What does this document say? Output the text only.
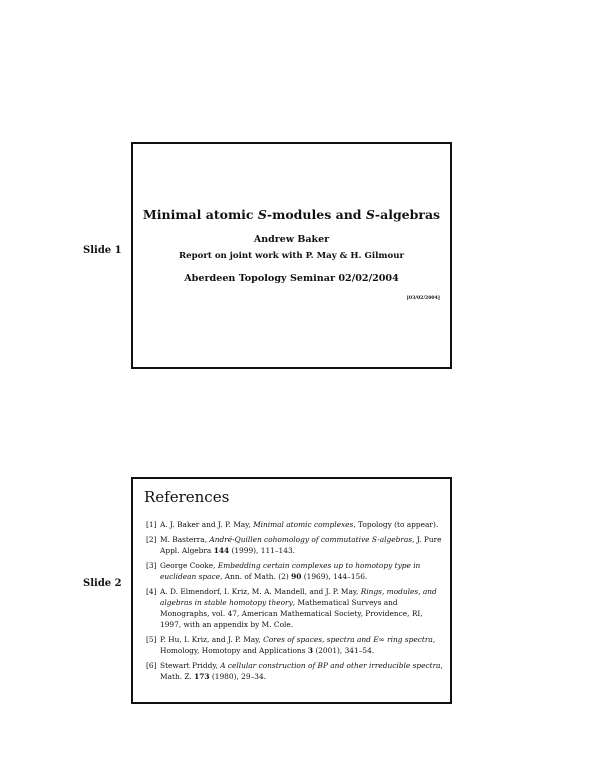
Slide 1
Minimal atomic S-modules and S-algebras
Andrew Baker
Report on joint work with P. May & H. Gilmour
Aberdeen Topology Seminar 02/02/2004
[03/02/2004]
Slide 2
References
[1] A. J. Baker and J. P. May, Minimal atomic complexes, Topology (to appear).
[2] M. Basterra, André-Quillen cohomology of commutative S-algebras, J. Pure Appl. Algebra 144 (1999), 111–143.
[3] George Cooke, Embedding certain complexes up to homotopy type in euclidean space, Ann. of Math. (2) 90 (1969), 144–156.
[4] A. D. Elmendorf, I. Kriz, M. A. Mandell, and J. P. May, Rings, modules, and algebras in stable homotopy theory, Mathematical Surveys and Monographs, vol. 47, American Mathematical Society, Providence, RI, 1997, with an appendix by M. Cole.
[5] P. Hu, I. Kriz, and J. P. May, Cores of spaces, spectra and E∞ ring spectra, Homology, Homotopy and Applications 3 (2001), 341–54.
[6] Stewart Priddy, A cellular construction of BP and other irreducible spectra, Math. Z. 173 (1980), 29–34.
